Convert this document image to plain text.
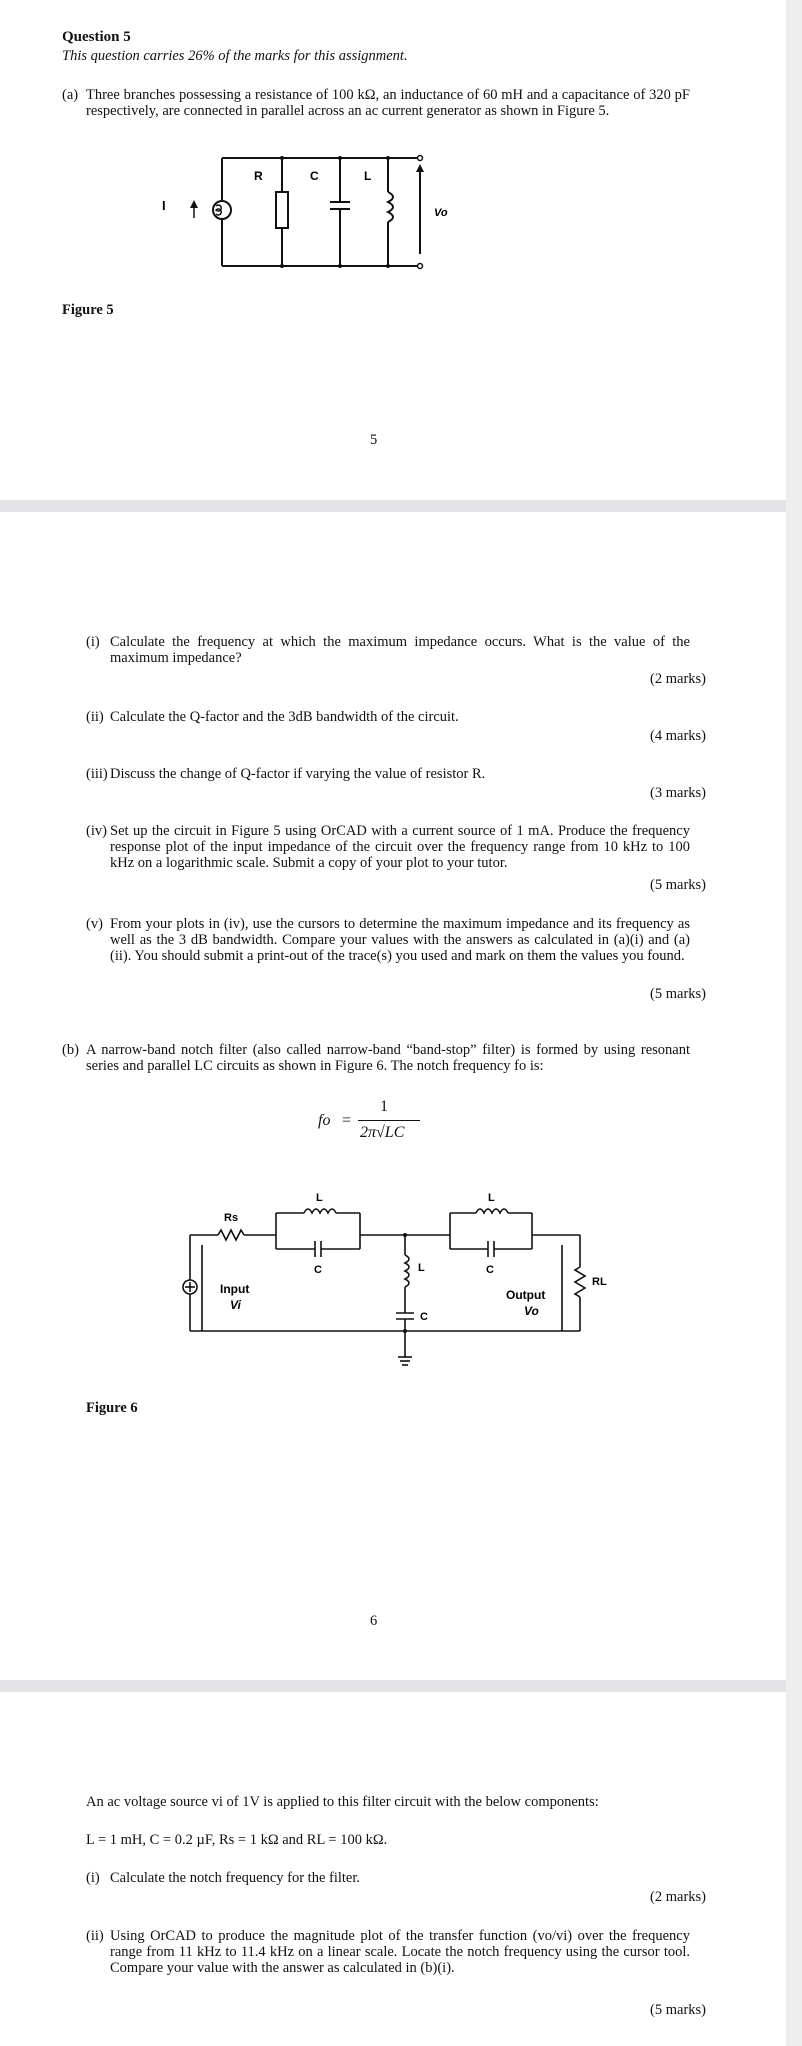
Question 5
This question carries 26% of the marks for this assignment.
(a) Three branches possessing a resistance of 100 kΩ, an inductance of 60 mH and a capacitance of 320 pF respectively, are connected in parallel across an ac current generator as shown in Figure 5.
I
R	C	L
Vo
Figure 5
5
(i) Calculate the frequency at which the maximum impedance occurs. What is the value of the maximum impedance?
(2 marks)
(ii) Calculate the Q-factor and the 3dB bandwidth of the circuit.
(4 marks)
(iii) Discuss the change of Q-factor if varying the value of resistor R.
(3 marks)
(iv) Set up the circuit in Figure 5 using OrCAD with a current source of 1 mA. Produce the frequency response plot of the input impedance of the circuit over the frequency range from 10 kHz to 100 kHz on a logarithmic scale. Submit a copy of your plot to your tutor.
(5 marks)
(v) From your plots in (iv), use the cursors to determine the maximum impedance and its frequency as well as the 3 dB bandwidth. Compare your values with the answers as calculated in (a)(i) and (a)(ii). You should submit a print-out of the trace(s) you used and mark on them the values you found.
(5 marks)
(b) A narrow-band notch filter (also called narrow-band “band-stop” filter) is formed by using resonant series and parallel LC circuits as shown in Figure 6. The notch frequency fo is:
fo =
1
2π√LC
Rs
L
C	L
C
L
C
RL
Input
Vi
Output
Vo
Figure 6
6
An ac voltage source vi of 1V is applied to this filter circuit with the below components:
L = 1 mH, C = 0.2 µF, Rs = 1 kΩ and RL = 100 kΩ.
(i) Calculate the notch frequency for the filter.
(2 marks)
(ii) Using OrCAD to produce the magnitude plot of the transfer function (vo/vi) over the frequency range from 11 kHz to 11.4 kHz on a linear scale. Locate the notch frequency using the cursor tool. Compare your value with the answer as calculated in (b)(i).
(5 marks)
